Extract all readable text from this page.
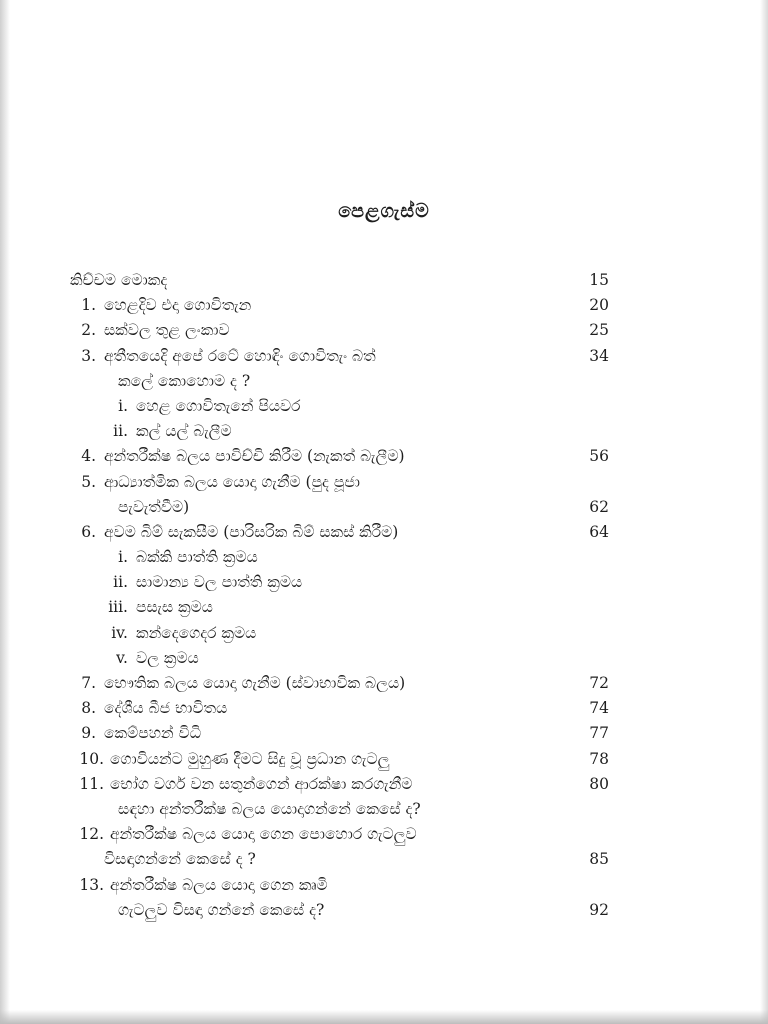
පෙළගැස්ම
කිච්චම මොකද	15
1. හෙළදිව එදා ගොවිතැන	20
2. සක්වල තුළ ලංකාව	25
3. අතීතයෙදි අපේ රටේ හොඳිං ගොවිතැං බත්	34
කලේ කොහොම ද ?
i. හෙළ ගොවිතැනේ පියවර
ii. කල් යල් බැලීම
4. අන්තරීක්ෂ බලය පාවිච්චි කිරීම (නැකත් බැලීම)	56
5. ආධ්‍යාත්මික බලය යොදා ගැනීම (පුද පූජා
පැවැත්වීම)	62
6. අවම බිම් සැකසීම (පාරිසරික බිම් සකස් කිරීම)	64
i. බක්කි පාත්ති ක්‍රමය
ii. සාමාන්‍ය වල පාත්ති ක්‍රමය
iii. පසැස ක්‍රමය
iv. කන්දෙගෙදර ක්‍රමය
v. වල ක්‍රමය
7. භෞතික බලය යොදා ගැනීම (ස්වාභාවික බලය)	72
8. දේශීය බීජ භාවිතය	74
9. කෙම්පහන් විධි	77
10. ගොවියන්ට මුහුණ දීමට සිදු වූ ප්‍රධාන ගැටලු	78
11. භෝග වර්ග වන සතුන්ගෙන් ආරක්ෂා කරගැනීම	80
සඳහා අන්තරීක්ෂ බලය යොදාගන්නේ කෙසේ ද?
12. අන්තරීක්ෂ බලය යොදා ගෙන පොහොර ගැටලුව
විසඳාගන්නේ කෙසේ ද ?	85
13. අන්තරීක්ෂ බලය යොදා ගෙන කෘමි
ගැටලුව විසඳා ගන්නේ කෙසේ ද?	92
